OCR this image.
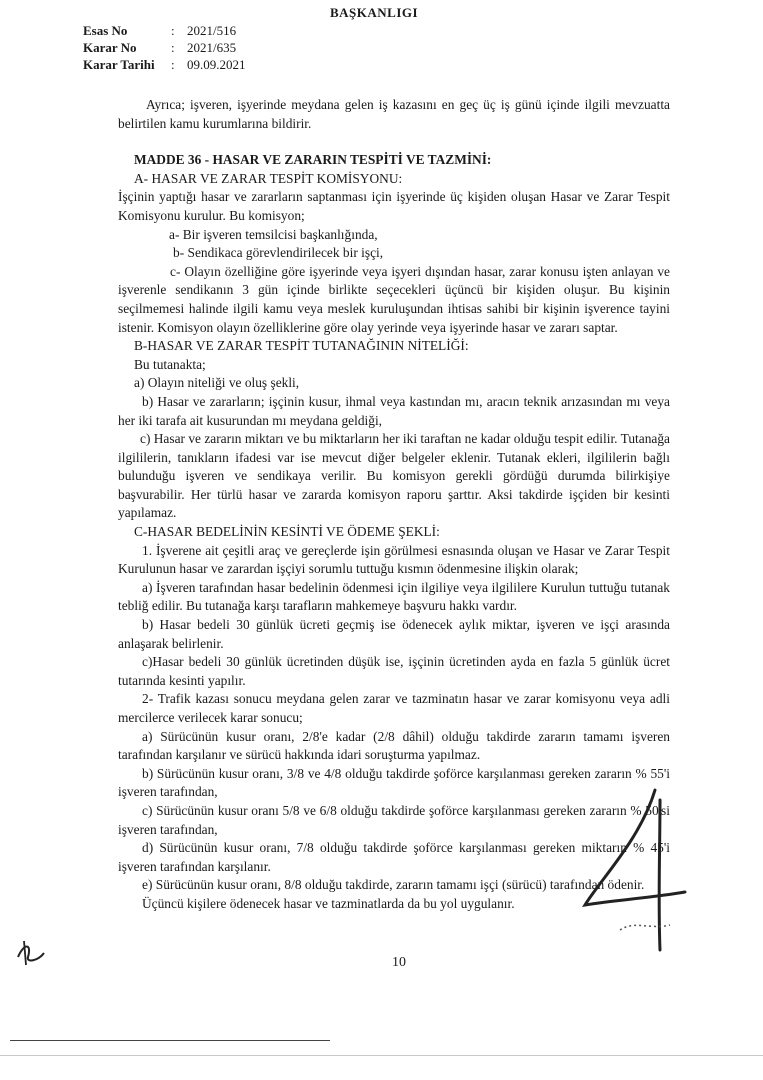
BAŞKANLIGI
Esas No	: 2021/516
Karar No	: 2021/635
Karar Tarihi	: 09.09.2021

Ayrıca; işveren, işyerinde meydana gelen iş kazasını en geç üç iş günü içinde ilgili mevzuatta belirtilen kamu kurumlarına bildirir.

MADDE 36 - HASAR VE ZARARIN TESPİTİ VE TAZMİNİ:

A- HASAR VE ZARAR TESPİT KOMİSYONU:

İşçinin yaptığı hasar ve zararların saptanması için işyerinde üç kişiden oluşan Hasar ve Zarar Tespit Komisyonu kurulur. Bu komisyon;

a- Bir işveren temsilcisi başkanlığında,

b- Sendikaca görevlendirilecek bir işçi,

c- Olayın özelliğine göre işyerinde veya işyeri dışından hasar, zarar konusu işten anlayan ve işverenle sendikanın 3 gün içinde birlikte seçecekleri üçüncü bir kişiden oluşur. Bu kişinin seçilmemesi halinde ilgili kamu veya meslek kuruluşundan ihtisas sahibi bir kişinin işverence tayini istenir. Komisyon olayın özelliklerine göre olay yerinde veya işyerinde hasar ve zararı saptar.

B-HASAR VE ZARAR TESPİT TUTANAĞININ NİTELİĞİ:

Bu tutanakta;

a) Olayın niteliği ve oluş şekli,

b) Hasar ve zararların; işçinin kusur, ihmal veya kastından mı, aracın teknik arızasından mı veya her iki tarafa ait kusurundan mı meydana geldiği,

c) Hasar ve zararın miktarı ve bu miktarların her iki taraftan ne kadar olduğu tespit edilir. Tutanağa ilgililerin, tanıkların ifadesi var ise mevcut diğer belgeler eklenir. Tutanak ekleri, ilgililerin bağlı bulunduğu işveren ve sendikaya verilir. Bu komisyon gerekli gördüğü durumda bilirkişiye başvurabilir. Her türlü hasar ve zararda komisyon raporu şarttır. Aksi takdirde işçiden bir kesinti yapılamaz.

C-HASAR BEDELİNİN KESİNTİ VE ÖDEME ŞEKLİ:

1. İşverene ait çeşitli araç ve gereçlerde işin görülmesi esnasında oluşan ve Hasar ve Zarar Tespit Kurulunun hasar ve zarardan işçiyi sorumlu tuttuğu kısmın ödenmesine ilişkin olarak;

a) İşveren tarafından hasar bedelinin ödenmesi için ilgiliye veya ilgililere Kurulun tuttuğu tutanak tebliğ edilir. Bu tutanağa karşı tarafların mahkemeye başvuru hakkı vardır.

b) Hasar bedeli 30 günlük ücreti geçmiş ise ödenecek aylık miktar, işveren ve işçi arasında anlaşarak belirlenir.

c)Hasar bedeli 30 günlük ücretinden düşük ise, işçinin ücretinden ayda en fazla 5 günlük ücret tutarında kesinti yapılır.

2- Trafik kazası sonucu meydana gelen zarar ve tazminatın hasar ve zarar komisyonu veya adli mercilerce verilecek karar sonucu;

a) Sürücünün kusur oranı, 2/8'e kadar (2/8 dâhil) olduğu takdirde zararın tamamı işveren tarafından karşılanır ve sürücü hakkında idari soruşturma yapılmaz.

b) Sürücünün kusur oranı, 3/8 ve 4/8 olduğu takdirde şoförce karşılanması gereken zararın % 55'i işveren tarafından,

c) Sürücünün kusur oranı 5/8 ve 6/8 olduğu takdirde şoförce karşılanması gereken zararın % 50'si işveren tarafından,

d) Sürücünün kusur oranı, 7/8 olduğu takdirde şoförce karşılanması gereken miktarın % 45'i işveren tarafından karşılanır.

e) Sürücünün kusur oranı, 8/8 olduğu takdirde, zararın tamamı işçi (sürücü) tarafından ödenir.

Üçüncü kişilere ödenecek hasar ve tazminatlarda da bu yol uygulanır.

10
